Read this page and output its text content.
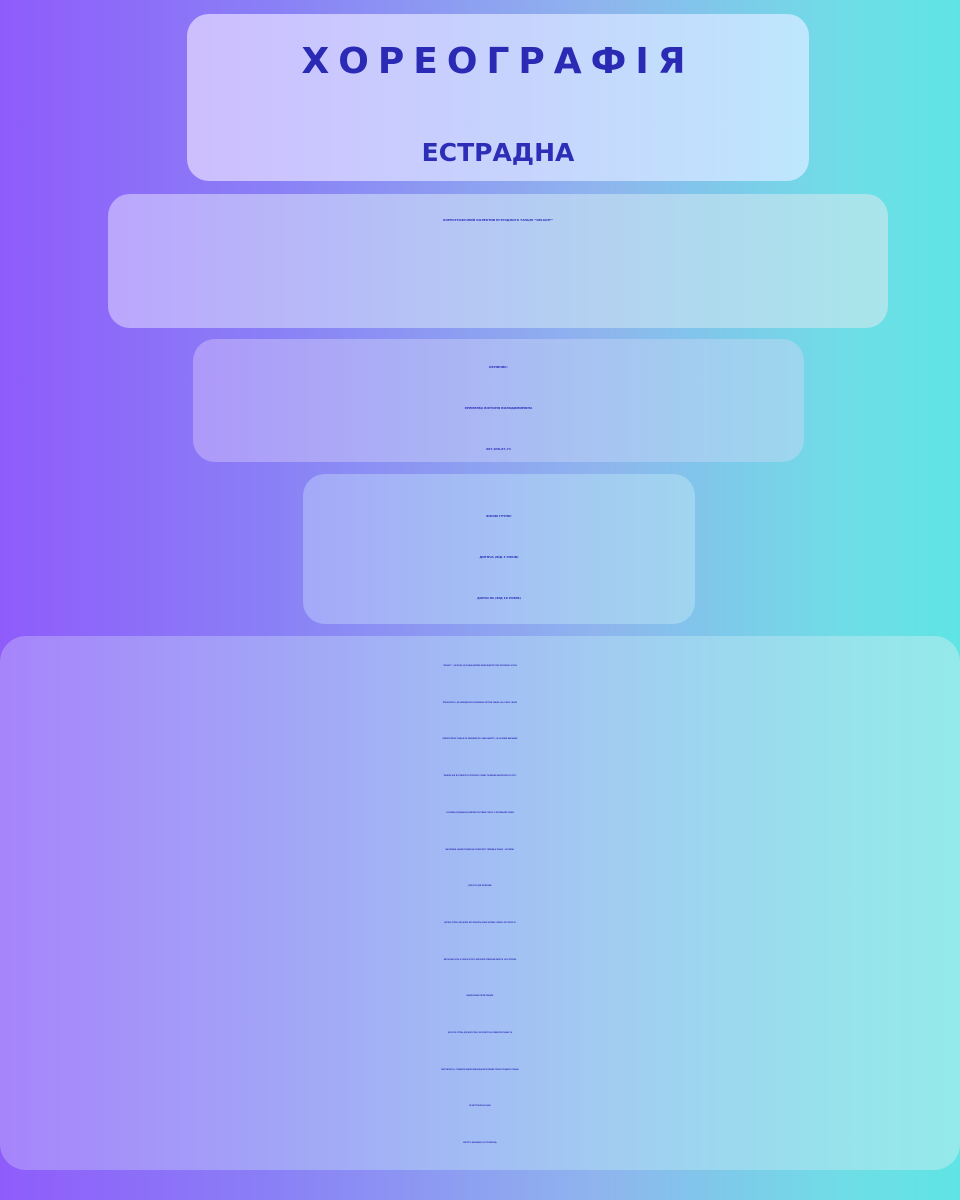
ХОРЕОГРАФІЯ
ЕСТРАДНА
ХОРЕОГРАФІЧНИЙ КОЛЕКТИВ ЕСТРАДНОГО ТАНЦЮ “DELIGHT”
КЕРІВНИК:
ЄРЕМЄЄВА ВІКТОРІЯ ВОЛОДИМИРІВНА
097-048-67-74
ВІКОВІ ГРУПИ:
ДИТЯЧА (ВІД 3 РОКІВ)
ДОРОСЛА (ВІД 18 РОКІВ)
“DELIGHT” – ЦЕ МІСЦЕ, ДЕ КОЖНА ДИТИНА МОЖЕ ВІДЧУТИ СЕБЕ ЧАСТИНОЮ ЧОГОСЬ
ПРЕКРАСНОГО, ДЕ НАРОДЖУЮТЬСЯ МАЛЕНЬКІ ЗІРОЧКИ ТАНЦЮ, ЩО СЯЮТЬ СВОЄЮ
НЕПОВТОРНОЮ ГРАЦІЄЮ ТА ЕМОЦІЙНІСТЮ. НАШІ ЗАНЯТТЯ – ЦЕ НЕ ЛИШЕ НАВЧАННЯ
ТАНЦЯМ, АЛЕ Й РОЗВИТОК ЕСТЕТИЧНОГО СМАКУ ТА ВМІННЯ БАЧИТИ КРАСУ В РУСІ.
ОСОБЛИВА РОДЗИНКА КОЛЕКТИВУ-ПОСТІЙНА УЧАСТЬ У ФЕСТИВАЛЯХ РІЗНИХ
МАСШТАБІВ, ЦІКАВІ ПОЇЗДКИ ДО РІЗНИХ МІСТ УКРАЇНИ,А ТАКОЖ - ЗА ЇЇ МЕЖІ.
ДЛЯ КОГО ЦЕЙ КОЛЕКТИВ:
ДИТЯЧА ГРУПА: ДЛЯ ДІТЕЙ, ЯКІ ЛЮБЛЯТЬ НІЖНУ МУЗИКУ, МРІЮТЬ ПРО ЛЕГКІ ТА
ВИТОНЧЕНІ РУХИ, А ТАКОЖ ХОЧУТЬ ДАРУВАТИ ГЛЯДАЧАМ РАДІСТЬ ТА ЕСТЕТИЧНЕ
ЗАДОВОЛЕННЯ СВОЇМ ТАНЦЕМ.
ДОРОСЛА ГРУПА: ДЛЯ ДОРОСЛИХ, ЯКІ ПРАГНУТЬ РОЗВИНУТИ ГРАЦІЮ ТА
ПЛАСТИЧНІСТЬ, ОТРИМАТИ ЗАДОВОЛЕННЯ ВІД ВИТОНЧЕНИХ РУХІВ ЕСТРАДНОГО ТАНЦЮ
ТА ВИСТУПАТИ НА СЦЕНІ.
ВАРТІСТЬ НАВЧАННЯ: 500 ГРН/МІСЯЦЬ
